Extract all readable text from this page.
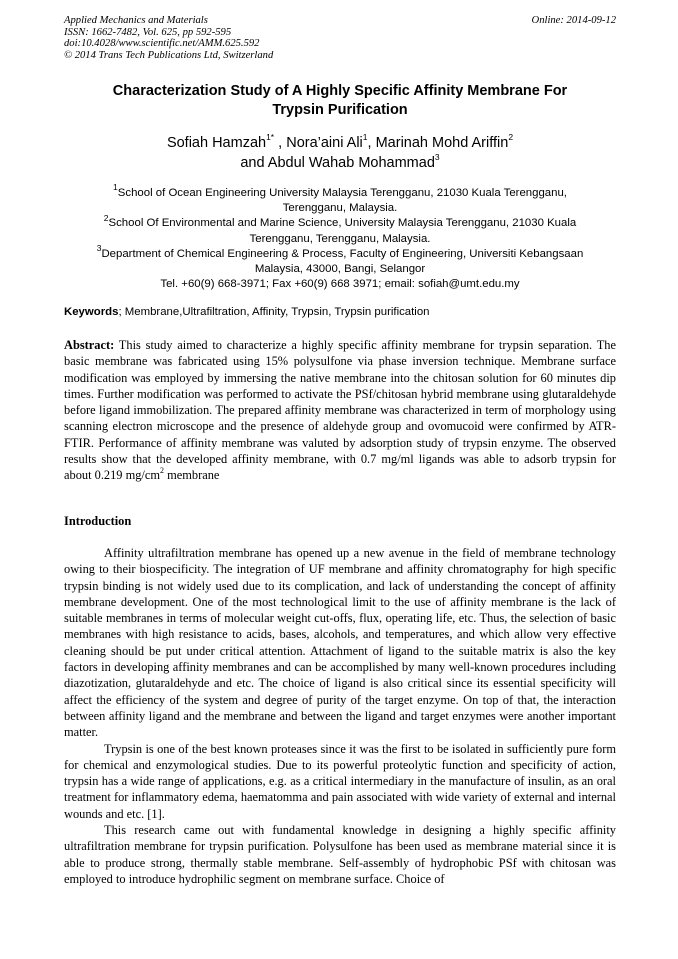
Applied Mechanics and Materials
ISSN: 1662-7482, Vol. 625, pp 592-595
doi:10.4028/www.scientific.net/AMM.625.592
© 2014 Trans Tech Publications Ltd, Switzerland
Online: 2014-09-12
Characterization Study of A Highly Specific Affinity Membrane For
Trypsin Purification
Sofiah Hamzah$^{1*}$ , Nora’aini Ali$^1$, Marinah Mohd Ariffin$^2$
and Abdul Wahab Mohammad$^3$
$^1$School of Ocean Engineering University Malaysia Terengganu, 21030 Kuala Terengganu,
Terengganu, Malaysia.
$^2$School Of Environmental and Marine Science, University Malaysia Terengganu, 21030 Kuala
Terengganu, Terengganu, Malaysia.
$^3$Department of Chemical Engineering & Process, Faculty of Engineering, Universiti Kebangsaan
Malaysia, 43000, Bangi, Selangor
Tel. +60(9) 668-3971; Fax +60(9) 668 3971; email: sofiah@umt.edu.my
Keywords; Membrane,Ultrafiltration, Affinity, Trypsin, Trypsin purification
Abstract: This study aimed to characterize a highly specific affinity membrane for trypsin separation. The basic membrane was fabricated using 15% polysulfone via phase inversion technique. Membrane surface modification was employed by immersing the native membrane into the chitosan solution for 60 minutes dip times. Further modification was performed to activate the PSf/chitosan hybrid membrane using glutaraldehyde before ligand immobilization. The prepared affinity membrane was characterized in term of morphology using scanning electron microscope and the presence of aldehyde group and ovomucoid were confirmed by ATR-FTIR. Performance of affinity membrane was valuted by adsorption study of trypsin enzyme. The observed results show that the developed affinity membrane, with 0.7 mg/ml ligands was able to adsorb trypsin for about 0.219 $mg/cm^2$ membrane
Introduction

Affinity ultrafiltration membrane has opened up a new avenue in the field of membrane technology owing to their biospecificity. The integration of UF membrane and affinity chromatography for high specific trypsin binding is not widely used due to its complication, and lack of understanding the concept of affinity membrane development. One of the most technological limit to the use of affinity membrane is the lack of suitable membranes in terms of molecular weight cut-offs, flux, operating life, etc. Thus, the selection of basic membranes with high resistance to acids, bases, alcohols, and temperatures, and which allow very effective cleaning should be put under critical attention. Attachment of ligand to the suitable matrix is also the key factors in developing affinity membranes and can be accomplished by many well-known procedures including diazotization, glutaraldehyde and etc. The choice of ligand is also critical since its essential specificity will affect the efficiency of the system and degree of purity of the target enzyme. On top of that, the interaction between affinity ligand and the membrane and between the ligand and target enzymes were another important matter.

Trypsin is one of the best known proteases since it was the first to be isolated in sufficiently pure form for chemical and enzymological studies. Due to its powerful proteolytic function and specificity of action, trypsin has a wide range of applications, e.g. as a critical intermediary in the manufacture of insulin, as an oral treatment for inflammatory edema, haematomma and pain associated with wide variety of external and internal wounds and etc. [1].

This research came out with fundamental knowledge in designing a highly specific affinity ultrafiltration membrane for trypsin purification. Polysulfone has been used as membrane material since it is able to produce strong, thermally stable membrane. Self-assembly of hydrophobic PSf with chitosan was employed to introduce hydrophilic segment on membrane surface. Choice of
